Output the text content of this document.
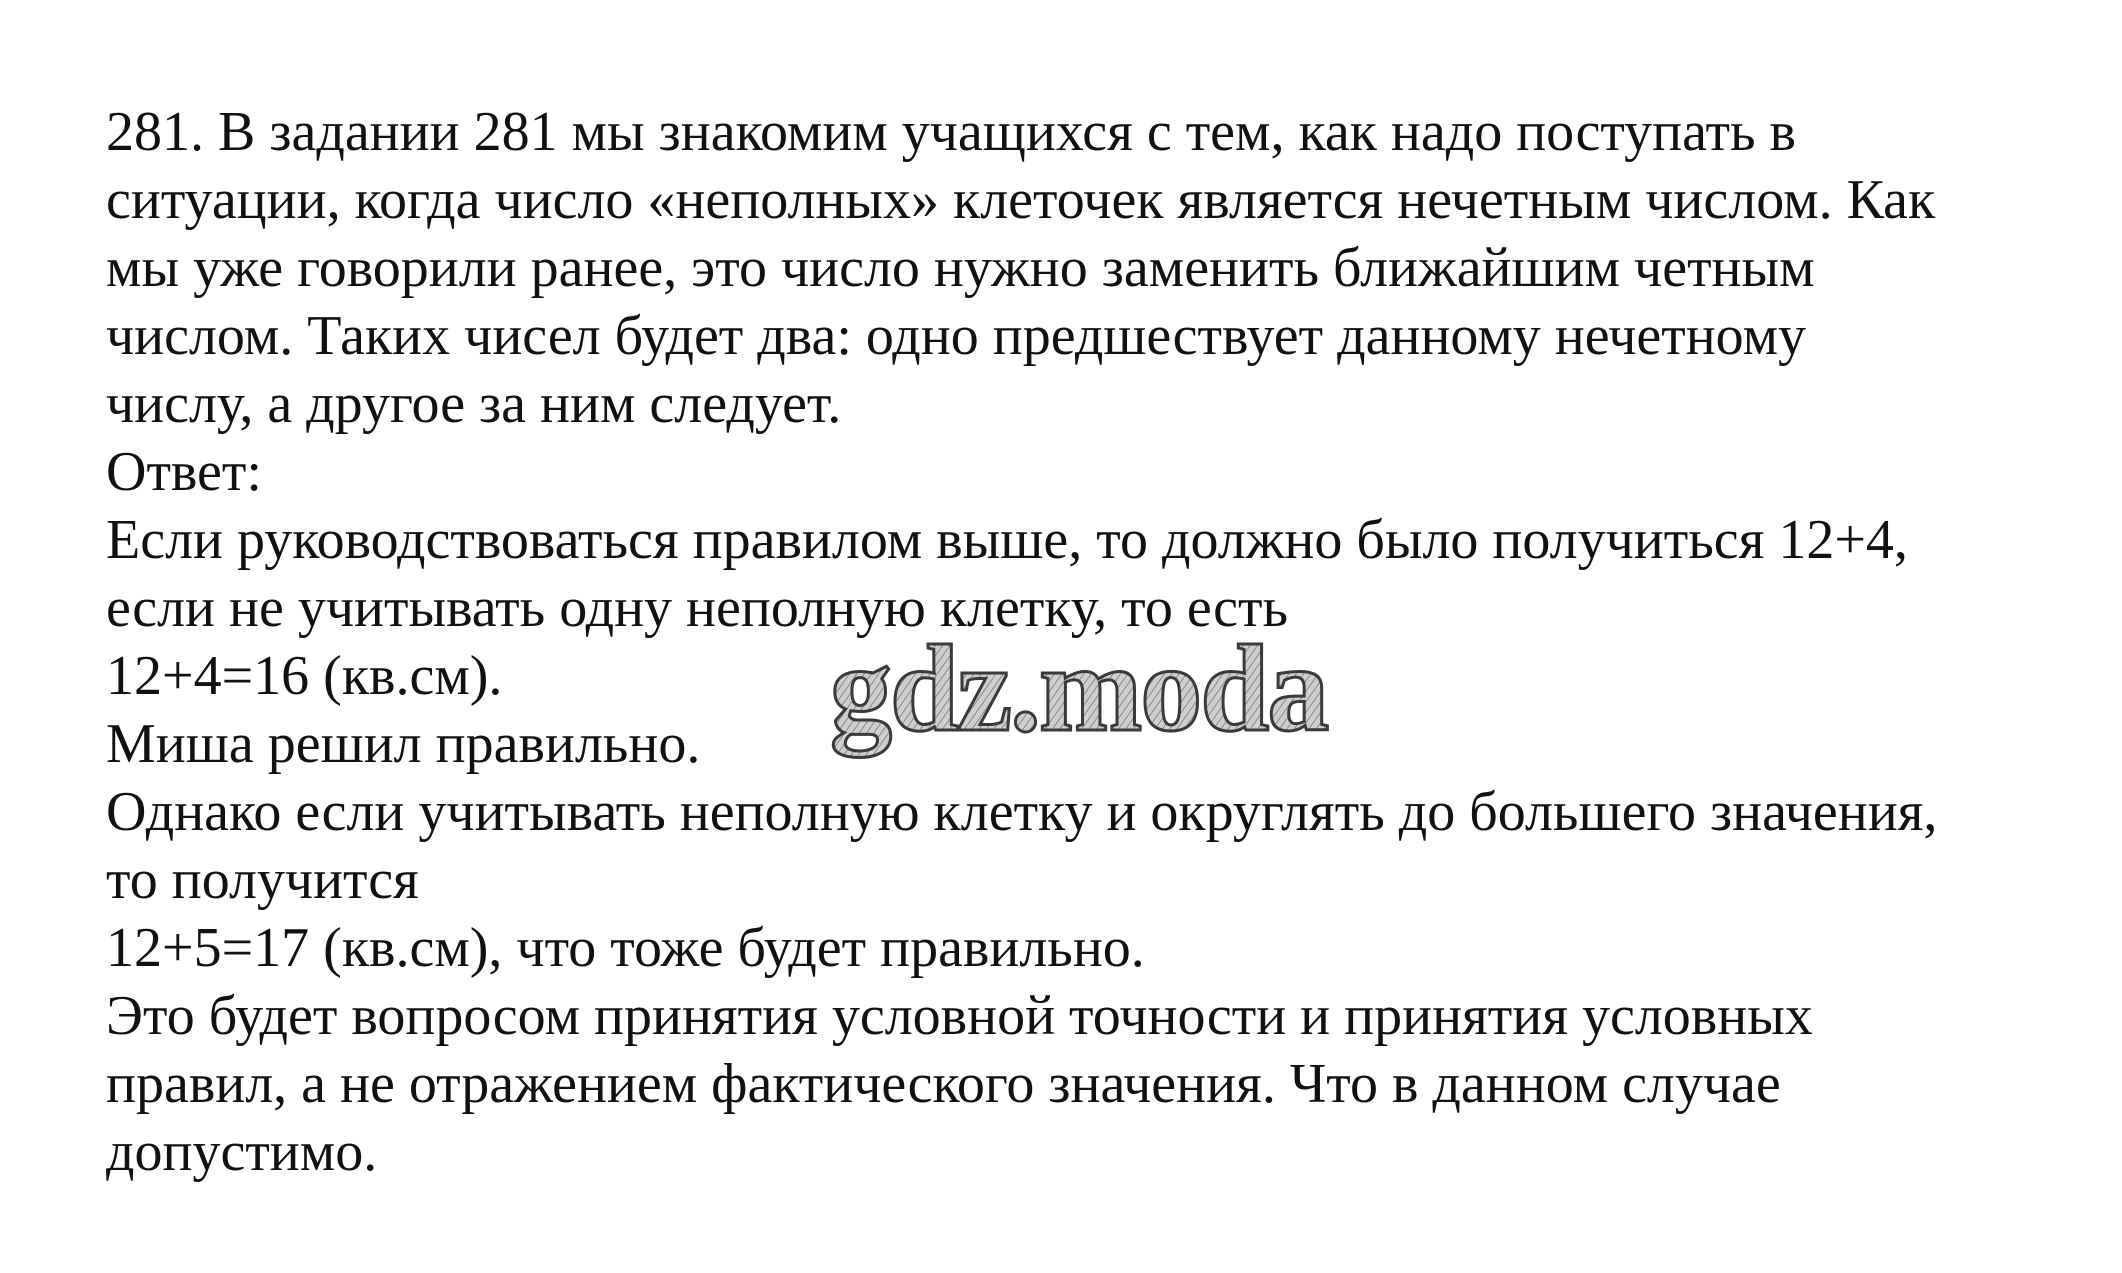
281. В задании 281 мы знакомим учащихся с тем, как надо поступать в
ситуации, когда число «неполных» клеточек является нечетным числом. Как
мы уже говорили ранее, это число нужно заменить ближайшим четным
числом. Таких чисел будет два: одно предшествует данному нечетному
числу, а другое за ним следует.
Ответ:
Если руководствоваться правилом выше, то должно было получиться 12+4,
если не учитывать одну неполную клетку, то есть
12+4=16 (кв.см).
Миша решил правильно.
Однако если учитывать неполную клетку и округлять до большего значения,
то получится
12+5=17 (кв.см), что тоже будет правильно.
Это будет вопросом принятия условной точности и принятия условных
правил, а не отражением фактического значения. Что в данном случае
допустимо.
gdz.moda
